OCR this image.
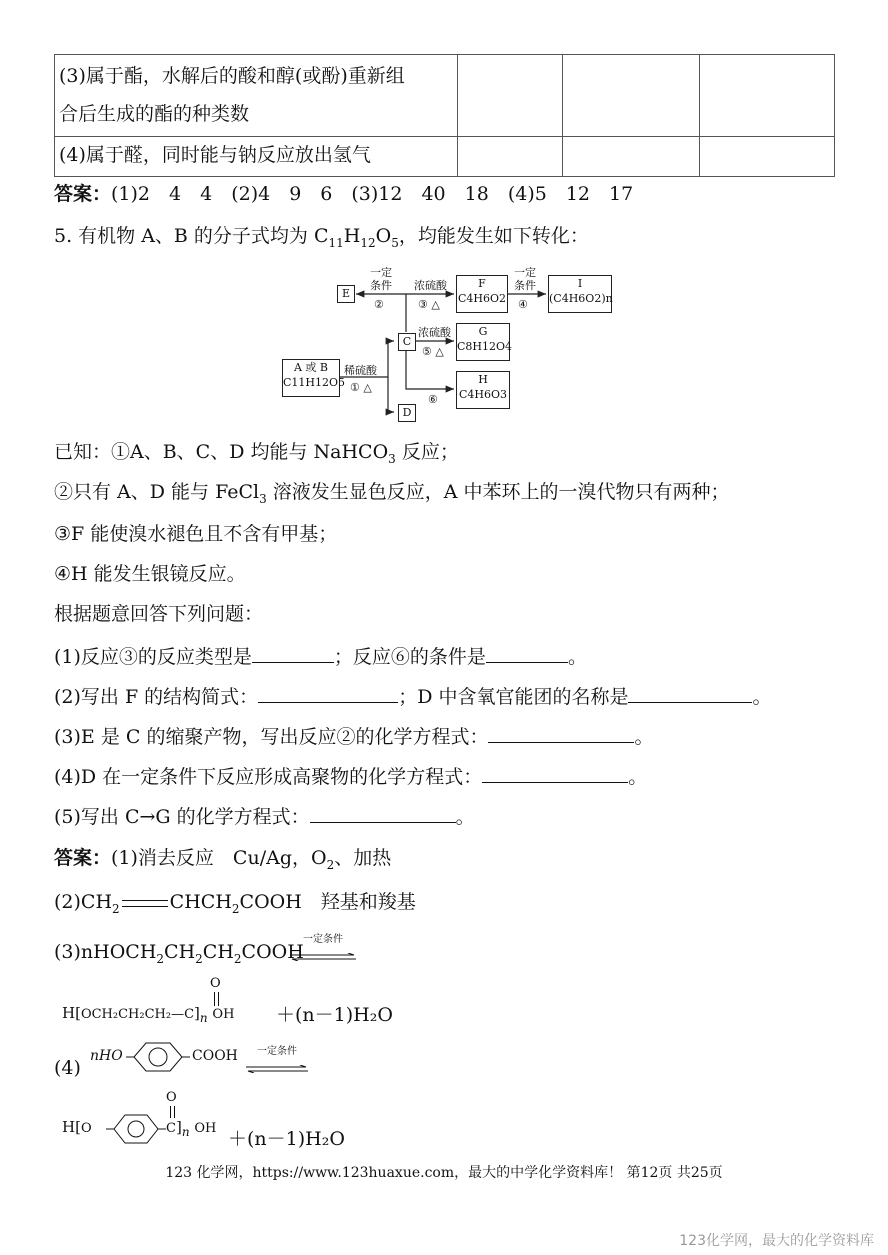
(3)属于酯，水解后的酸和醇(或酚)重新组
合后生成的酯的种类数			

(4)属于醛，同时能与钠反应放出氢气			

答案：(1)2　4　4　(2)4　9　6　(3)12　40　18　(4)5　12　17
5. 有机物 A、B 的分子式均为 $C_{11}H_{12}O_5$，均能发生如下转化：
A 或 B
C11H12O5
C
D
E
F
C4H6O2
G
C8H12O4
H
C4H6O3
I
(C4H6O2)n
稀硫酸
① △
一定
条件
②
浓硫酸
③ △
一定
条件
④
浓硫酸
⑤ △
⑥
已知：①A、B、C、D 均能与 NaHCO$_3$ 反应；
②只有 A、D 能与 FeCl$_3$ 溶液发生显色反应，A 中苯环上的一溴代物只有两种；
③F 能使溴水褪色且不含有甲基；
④H 能发生银镜反应。
根据题意回答下列问题：
(1)反应③的反应类型是	；反应⑥的条件是	。
(2)写出 F 的结构简式：	；D 中含氧官能团的名称是	。
(3)E 是 C 的缩聚产物，写出反应②的化学方程式：	。
(4)D 在一定条件下反应形成高聚物的化学方程式：	。
(5)写出 C→G 的化学方程式：	。
答案：(1)消去反应　Cu/Ag，$O_2$、加热
$(2)CH_2$	$CHCH_2COOH$　羟基和羧基
$(3)nHOCH_2CH_2CH_2COOH$
一定条件
O
$H[OCH_2CH_2CH_2—C]_n$ OH ＋(n－1)H₂O
(4)
nHO	COOH	一定条件
H[O
O
$C]_n$ OH ＋(n－1)H₂O
123 化学网，https://www.123huaxue.com，最大的中学化学资料库！ 第12页 共25页
123化学网，最大的化学资料库
